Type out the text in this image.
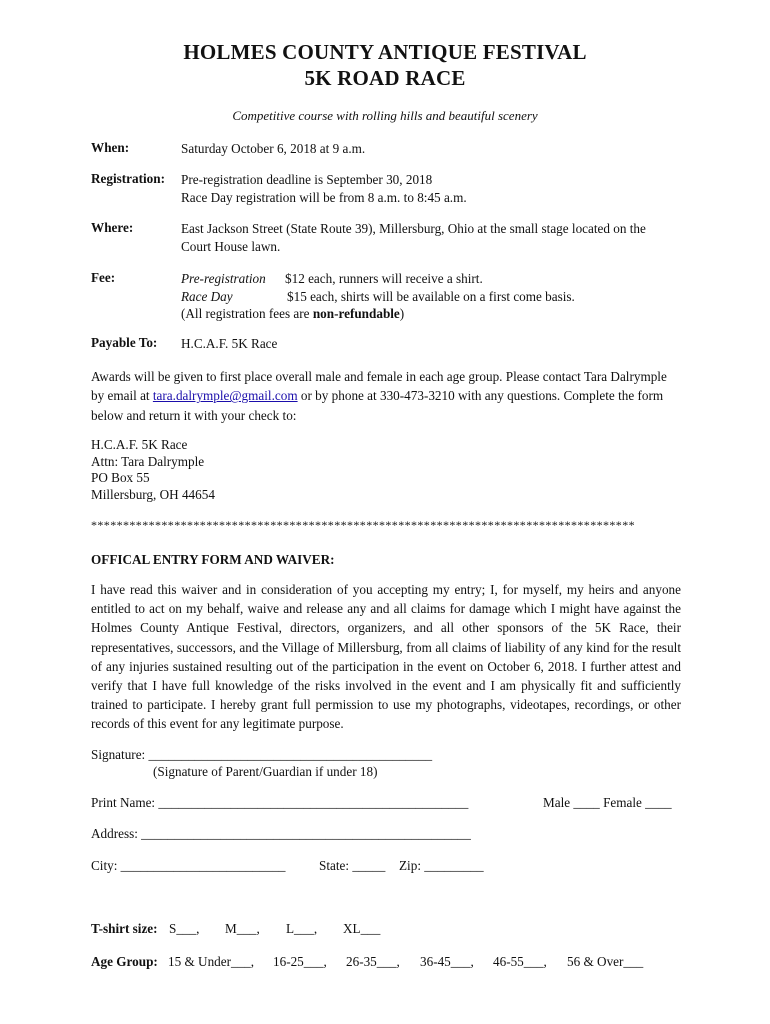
HOLMES COUNTY ANTIQUE FESTIVAL
5K ROAD RACE
Competitive course with rolling hills and beautiful scenery
When:	Saturday October 6, 2018 at 9 a.m.
Registration: Pre-registration deadline is September 30, 2018
Race Day registration will be from 8 a.m. to 8:45 a.m.
Where:	East Jackson Street (State Route 39), Millersburg, Ohio at the small stage located on the
Court House lawn.
Fee:	Pre-registration $12 each, runners will receive a shirt.
Race Day	$15 each, shirts will be available on a first come basis.
(All registration fees are non-refundable)
Payable To: H.C.A.F. 5K Race
Awards will be given to first place overall male and female in each age group. Please contact Tara Dalrymple by email at tara.dalrymple@gmail.com or by phone at 330-473-3210 with any questions. Complete the form below and return it with your check to:
H.C.A.F. 5K Race
Attn: Tara Dalrymple
PO Box 55
Millersburg, OH 44654
*************************************************************************************
OFFICAL ENTRY FORM AND WAIVER:
I have read this waiver and in consideration of you accepting my entry; I, for myself, my heirs and anyone entitled to act on my behalf, waive and release any and all claims for damage which I might have against the Holmes County Antique Festival, directors, organizers, and all other sponsors of the 5K Race, their representatives, successors, and the Village of Millersburg, from all claims of liability of any kind for the result of any injuries sustained resulting out of the participation in the event on October 6, 2018. I further attest and verify that I have full knowledge of the risks involved in the event and I am physically fit and sufficiently trained to participate. I hereby grant full permission to use my photographs, videotapes, recordings, or other records of this event for any legitimate purpose.
Signature: ___________________________________________
(Signature of Parent/Guardian if under 18)
Print Name: _______________________________________________	Male ____ Female ____
Address: __________________________________________________
City: _________________________	State: _____ Zip: _________
T-shirt size: S___, M___, L___, XL___
Age Group: 15 & Under___, 16-25___, 26-35___, 36-45___, 46-55___, 56 & Over___
